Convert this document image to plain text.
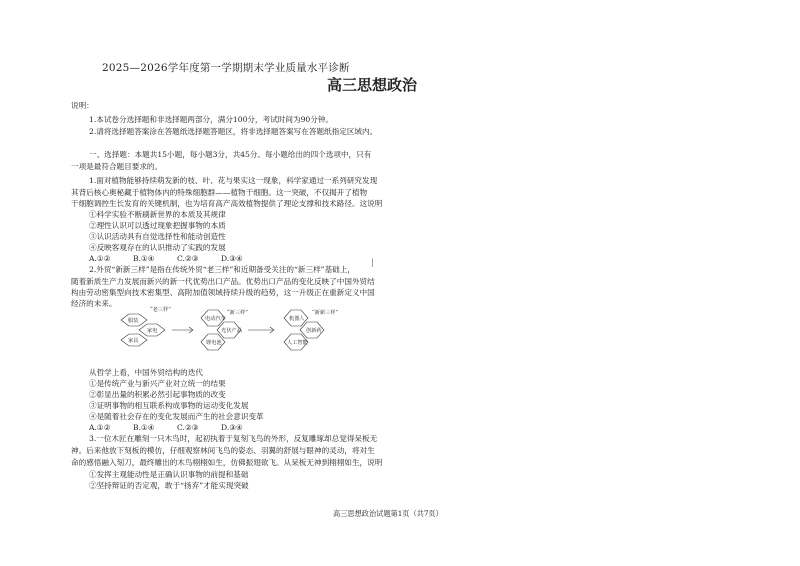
2025—2026学年度第一学期期末学业质量水平诊断
高三思想政治
说明：
1.本试卷分选择题和非选择题两部分，满分100分，考试时间为90分钟。
2.请将选择题答案涂在答题纸选择题答题区，将非选择题答案写在答题纸指定区域内。
一、选择题：本题共15小题，每小题3分，共45分。每小题给出的四个选项中，只有
一项是最符合题目要求的。
1.面对植物能够持续萌发新的枝、叶、花与果实这一现象，科学家通过一系列研究发现
其背后核心奥秘藏于植物体内的特殊细胞群——植物干细胞。这一突破，不仅揭开了植物
干细胞调控生长发育的关键机制，也为培育高产高效植物提供了理论支撑和技术路径。这说明
①科学实验不断刷新世界的本质及其规律
②理性认识可以透过现象把握事物的本质
③认识活动具有自觉选择性和能动创造性
④反映客观存在的认识推动了实践的发展
A.①②	B.①④	C.②③	D.③④	|
2.外贸“新新三样”是指在传统外贸“老三样”和近期备受关注的“新三样”基础上，
随着新质生产力发展而新兴的新一代优势出口产品。优势出口产品的变化反映了中国外贸结
构由劳动密集型向技术密集型、高附加值领域持续升级的趋势，这一升级正在重新定义中国
经济的未来。
“老三样”
服装
家电
家具
“新三样”
电动汽车
光伏产品
锂电池
“新新三样”
机器人
创新药
人工智能
从哲学上看，中国外贸结构的迭代
①是传统产业与新兴产业对立统一的结果
②彰显出量的积累必然引起事物质的改变
③证明事物的相互联系构成事物的运动变化发展
④是随着社会存在的变化发展而产生的社会意识变革
A.①②	B.①④	C.②③	D.③④
3.一位木匠在雕刻一只木鸟时，起初执着于复刻飞鸟的外形，反复雕琢却总觉得呆板无
神。后来他放下刻板的模仿，仔细观察林间飞鸟的姿态、羽翼的舒展与眼神的灵动，将对生
命的感悟融入刻刀，最终雕出的木鸟栩栩如生，仿佛振翅欲飞。从呆板无神到栩栩如生，说明
①发挥主观能动性是正确认识事物的前提和基础
②坚持辩证的否定观，敢于“扬弃”才能实现突破
高三思想政治试题第1页（共7页）
